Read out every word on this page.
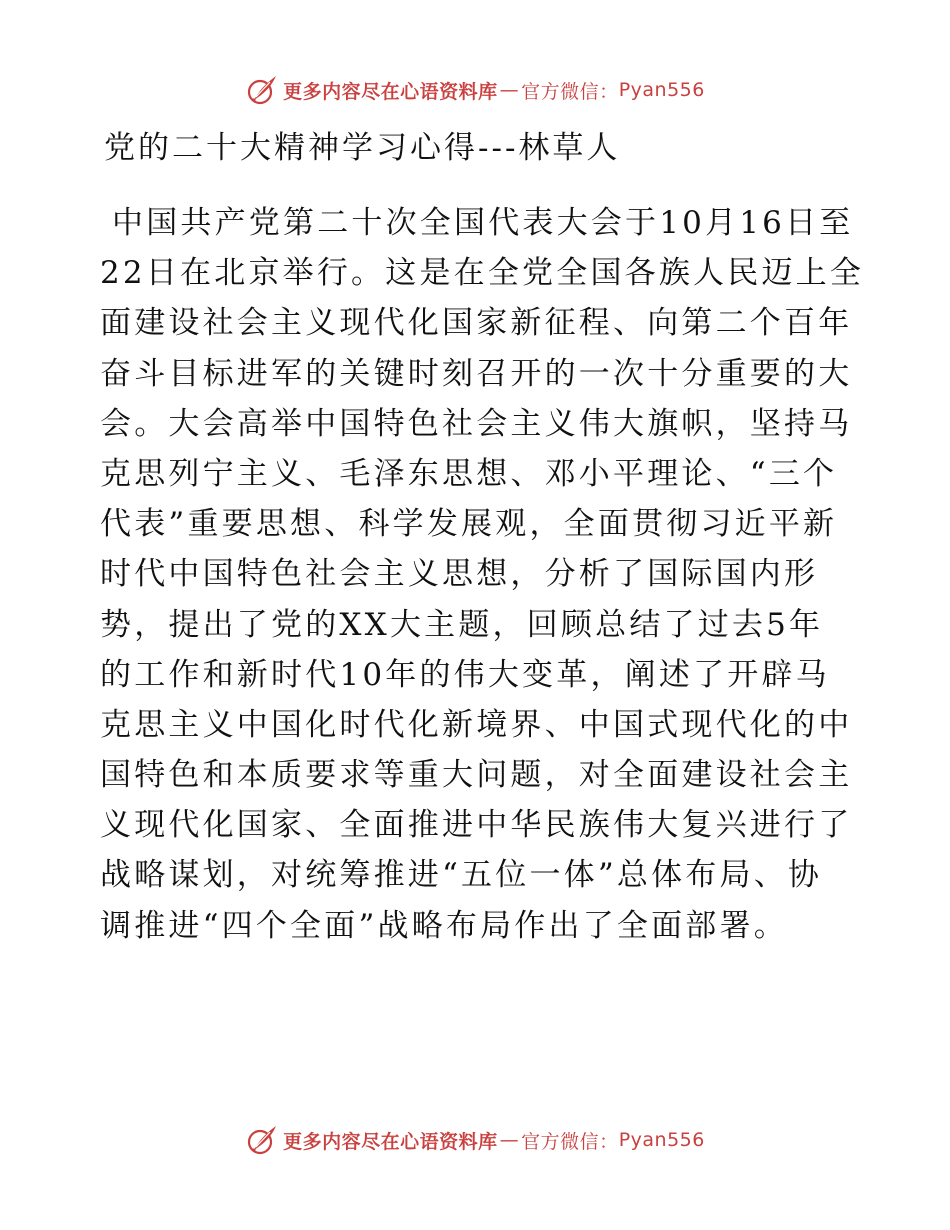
更多内容尽在心语资料库 — 官方微信： Pyan556
党的二十大精神学习心得---林草人
中国共产党第二十次全国代表大会于10月16日至
22日在北京举行。这是在全党全国各族人民迈上全
面建设社会主义现代化国家新征程、向第二个百年
奋斗目标进军的关键时刻召开的一次十分重要的大
会。大会高举中国特色社会主义伟大旗帜，坚持马
克思列宁主义、毛泽东思想、邓小平理论、“三个
代表”重要思想、科学发展观，全面贯彻习近平新
时代中国特色社会主义思想，分析了国际国内形
势，提出了党的XX大主题，回顾总结了过去5年
的工作和新时代10年的伟大变革，阐述了开辟马
克思主义中国化时代化新境界、中国式现代化的中
国特色和本质要求等重大问题，对全面建设社会主
义现代化国家、全面推进中华民族伟大复兴进行了
战略谋划，对统筹推进“五位一体”总体布局、协
调推进“四个全面”战略布局作出了全面部署。
更多内容尽在心语资料库 — 官方微信： Pyan556
